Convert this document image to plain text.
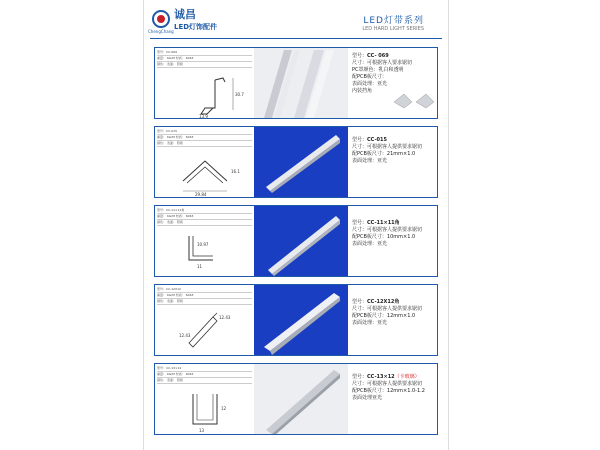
ChengChang
诚昌
LED灯饰配件
LED灯带系列
LED HARD LIGHT SERIES
型号：CC-069
重量： KG/M 材质： 6063
颜色： 表面： 阳极
30.7
13.9
型号：CC- 069
尺寸：可根据客人要求锯切
PC罩颜色：乳白和透明
配PCB板尺寸：
表面处理：亚光
内装挡角
型号：CC-015
重量： KG/M 材质： 6063
颜色： 表面： 阳极
29.84
16.1
型号：CC-015
尺寸：可根据客人提供要求锯切
配PCB板尺寸：21mm×1.0
表面处理：亚光
型号：CC-11×11角
重量： KG/M 材质： 6063
颜色： 表面： 阳极
10.97
11
型号：CC-11×11角
尺寸：可根据客人提供要求锯切
配PCB板尺寸：10mm×1.0
表面处理：亚光
型号：CC-12X12
重量： KG/M 材质： 6063
颜色： 表面： 阳极
12.43
12.43
型号：CC-12X12角
尺寸：可根据客人提供要求锯切
配PCB板尺寸：12mm×1.0
表面处理：亚光
型号：CC-13×12
重量： KG/M 材质： 6063
颜色： 表面： 阳极
12
13
型号：CC-13×12（卡玻璃）
尺寸：可根据客人提供要求锯切
配PCB板尺寸：12mm×1.0-1.2
表面处理亚光
